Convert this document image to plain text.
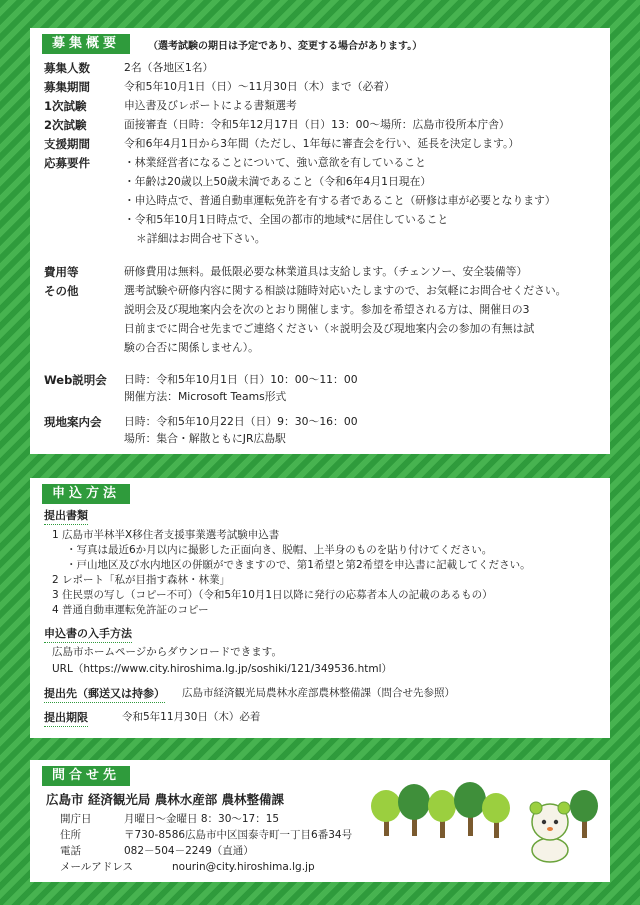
募集概要	（選考試験の期日は予定であり、変更する場合があります。）
募集人数	2名（各地区1名）
募集期間	令和5年10月1日（日）～11月30日（木）まで（必着）
1次試験	申込書及びレポートによる書類選考
2次試験	面接審査（日時：令和5年12月17日（日）13：00～場所：広島市役所本庁舎）
支援期間	令和6年4月1日から3年間（ただし、1年毎に審査会を行い、延長を決定します。）
応募要件	・林業経営者になることについて、強い意欲を有していること
・年齢は20歳以上50歳未満であること（令和6年4月1日現在）
・申込時点で、普通自動車運転免許を有する者であること（研修は車が必要となります）
・令和5年10月1日時点で、全国の都市的地域*に居住していること
＊詳細はお問合せ下さい。
費用等	研修費用は無料。最低限必要な林業道具は支給します。（チェンソー、安全装備等）
その他	選考試験や研修内容に関する相談は随時対応いたしますので、お気軽にお問合せください。
説明会及び現地案内会を次のとおり開催します。参加を希望される方は、開催日の3
日前までに問合せ先までご連絡ください（＊説明会及び現地案内会の参加の有無は試
験の合否に関係しません）。
Web説明会 日時：令和5年10月1日（日）10：00～11：00
開催方法：Microsoft Teams形式
現地案内会 日時：令和5年10月22日（日）9：30～16：00
場所：集合・解散ともにJR広島駅
申込方法
提出書類
1 広島市半林半X移住者支援事業選考試験申込書
・写真は最近6か月以内に撮影した正面向き、脱帽、上半身のものを貼り付けてください。
・戸山地区及び水内地区の併願ができますので、第1希望と第2希望を申込書に記載してください。
2 レポート「私が目指す森林・林業」
3 住民票の写し（コピー不可）（令和5年10月1日以降に発行の応募者本人の記載のあるもの）
4 普通自動車運転免許証のコピー
申込書の入手方法
広島市ホームページからダウンロードできます。
URL（https://www.city.hiroshima.lg.jp/soshiki/121/349536.html）
提出先（郵送又は持参） 広島市経済観光局農林水産部農林整備課（問合せ先参照）
提出期限	令和5年11月30日（木）必着
問合せ先
広島市 経済観光局 農林水産部 農林整備課
開庁日	月曜日～金曜日 8：30～17：15
住所	〒730-8586広島市中区国泰寺町一丁目6番34号
電話	082－504－2249（直通）
メールアドレス	nourin@city.hiroshima.lg.jp
